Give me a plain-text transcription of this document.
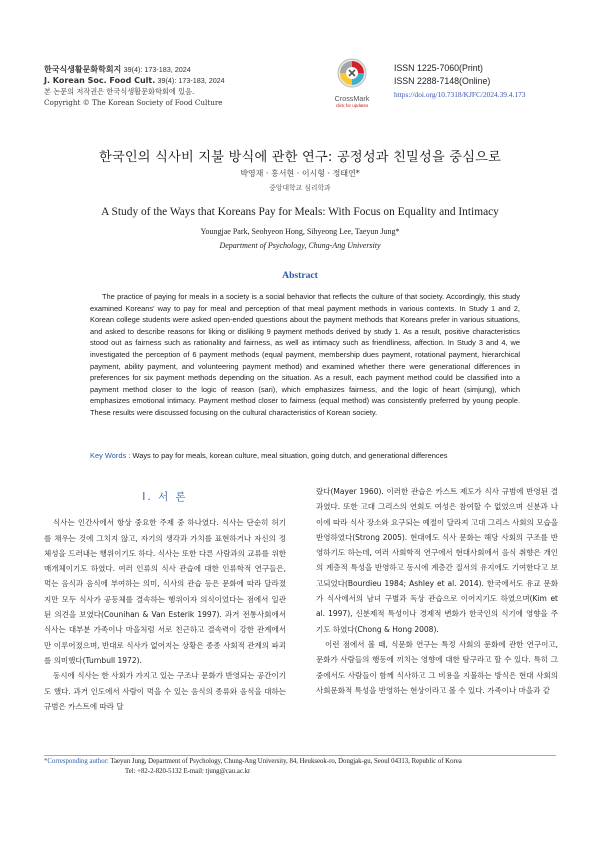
한국식생활문화학회지 39(4): 173-183, 2024
J. Korean Soc. Food Cult. 39(4): 173-183, 2024
본 논문의 저작권은 한국식생활문화학회에 있음.
Copyright © The Korean Society of Food Culture	CrossMark
click for updates
ISSN 1225-7060(Print)
ISSN 2288-7148(Online)
https://doi.org/10.7318/KJFC/2024.39.4.173
한국인의 식사비 지불 방식에 관한 연구: 공정성과 친밀성을 중심으로
박영재 · 홍서현 · 이시형 · 정태연*
중앙대학교 심리학과
A Study of the Ways that Koreans Pay for Meals: With Focus on Equality and Intimacy
Youngjae Park, Seohyeon Hong, Sihyeong Lee, Taeyun Jung*
Department of Psychology, Chung-Ang University
Abstract

The practice of paying for meals in a society is a social behavior that reflects the culture of that society. Accordingly, this study examined Koreans' way to pay for meal and perception of that meal payment methods in various contexts. In Study 1 and 2, Korean college students were asked open-ended questions about the payment methods that Koreans prefer in various situations, and asked to describe reasons for liking or disliking 9 payment methods derived by study 1. As a result, positive characteristics stood out as fairness such as rationality and fairness, as well as intimacy such as friendliness, affection. In Study 3 and 4, we investigated the perception of 6 payment methods (equal payment, membership dues payment, rotational payment, hierarchical payment, ability payment, and volunteering payment method) and examined whether there were generational differences in preferences for six payment methods depending on the situation. As a result, each payment method could be classified into a payment method closer to the logic of reason (sari), which emphasizes fairness, and the logic of heart (simjung), which emphasizes emotional intimacy. Payment method closer to fairness (equal method) was consistently preferred by young people. These results were discussed focusing on the cultural characteristics of Korean society.

Key Words : Ways to pay for meals, korean culture, meal situation, going dutch, and generational differences
Ⅰ. 서 론

식사는 인간사에서 항상 중요한 주제 중 하나였다. 식사는 단순히 허기를 채우는 것에 그치지 않고, 자기의 생각과 가치를 표현하거나 자신의 정체성을 드러내는 행위이기도 하다. 식사는 또한 다른 사람과의 교류를 위한 매개체이기도 하였다. 여러 인류의 식사 관습에 대한 인류학적 연구들은, 먹는 음식과 음식에 부여하는 의미, 식사의 관습 등은 문화에 따라 달라졌지만 모두 식사가 공동체를 결속하는 행위이자 의식이었다는 점에서 일관된 의견을 보였다(Counihan & Van Esterik 1997). 과거 전통사회에서 식사는 대부분 가족이나 마을처럼 서로 친근하고 결속력이 강한 관계에서만 이루어졌으며, 반대로 식사가 없어지는 상황은 종종 사회적 관계의 파괴를 의미했다(Turnbull 1972).

동시에 식사는 한 사회가 가지고 있는 구조나 문화가 반영되는 공간이기도 했다. 과거 인도에서 사람이 먹을 수 있는 음식의 종류와 음식을 대하는 규범은 카스트에 따라 달

랐다(Mayer 1960). 이러한 관습은 카스트 제도가 식사 규범에 반영된 결과였다. 또한 고대 그리스의 연회도 여성은 참여할 수 없었으며 신분과 나이에 따라 식사 장소와 요구되는 예절이 달라져 고대 그리스 사회의 모습을 반영하였다(Strong 2005). 현대에도 식사 문화는 해당 사회의 구조를 반영하기도 하는데, 여러 사회학적 연구에서 현대사회에서 음식 취향은 개인의 계층적 특성을 반영하고 동시에 계층간 질서의 유지에도 기여한다고 보고되었다(Bourdieu 1984; Ashley et al. 2014). 한국에서도 유교 문화가 식사에서의 남녀 구별과 독상 관습으로 이어지기도 하였으며(Kim et al. 1997), 신분제적 특성이나 경제적 변화가 한국인의 식기에 영향을 주기도 하였다(Chong & Hong 2008).

이런 점에서 볼 때, 식문화 연구는 특정 사회의 문화에 관한 연구이고, 문화가 사람들의 행동에 끼치는 영향에 대한 탐구라고 할 수 있다. 특히 그 중에서도 사람들이 함께 식사하고 그 비용을 지불하는 방식은 현대 사회의 사회문화적 특성을 반영하는 현상이라고 볼 수 있다. 가족이나 마을과 같

*Corresponding author: Taeyun Jung, Department of Psychology, Chung-Ang University, 84, Heukseok-ro, Dongjak-gu, Seoul 04313, Republic of Korea
Tel: +82-2-820-5132 E-mail: tjung@cau.ac.kr
